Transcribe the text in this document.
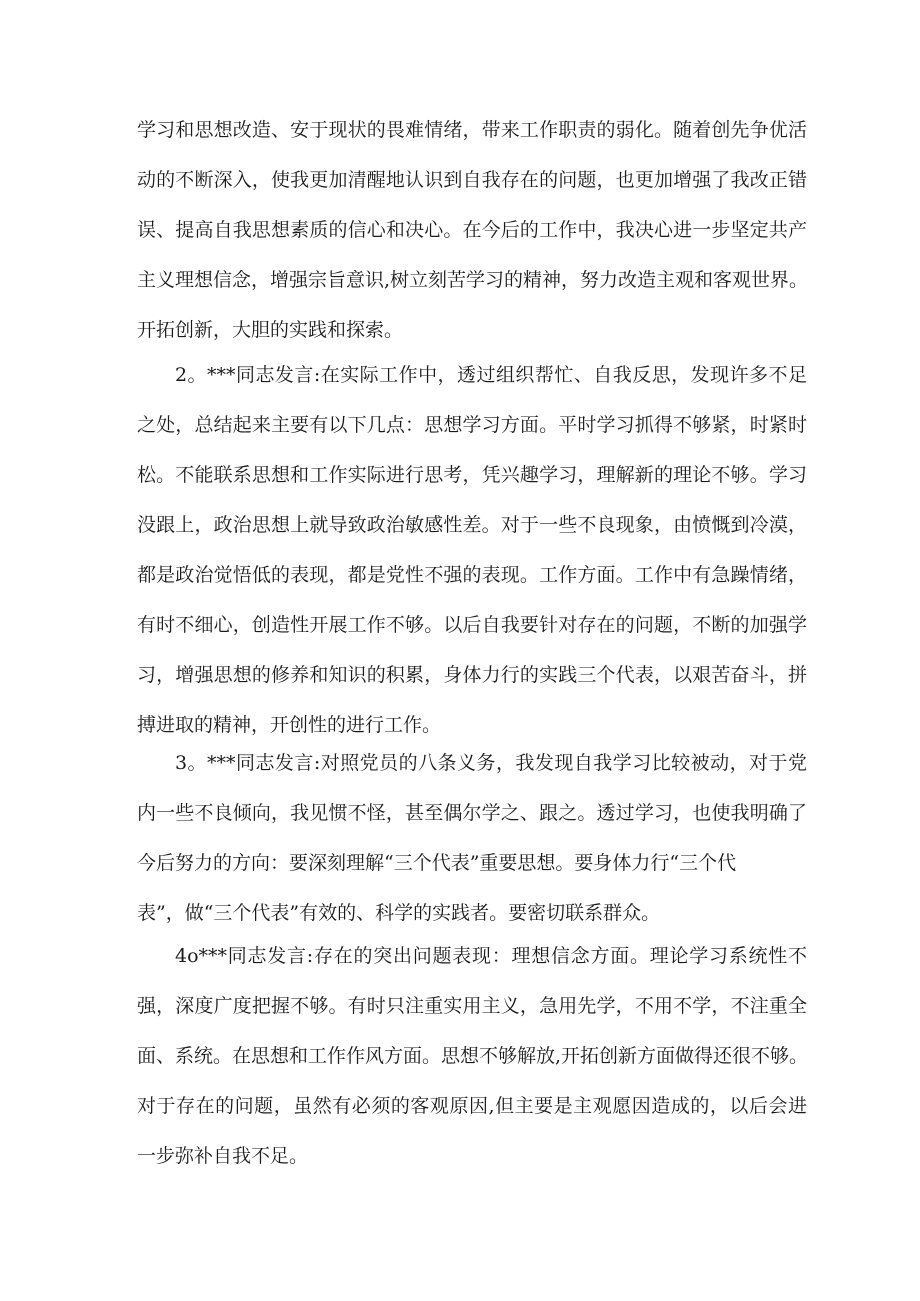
学习和思想改造、安于现状的畏难情绪，带来工作职责的弱化。随着创先争优活
动的不断深入，使我更加清醒地认识到自我存在的问题，也更加增强了我改正错
误、提高自我思想素质的信心和决心。在今后的工作中，我决心进一步坚定共产
主义理想信念，增强宗旨意识,树立刻苦学习的精神，努力改造主观和客观世界。
开拓创新，大胆的实践和探索。
2。***同志发言:在实际工作中，透过组织帮忙、自我反思，发现许多不足
之处，总结起来主要有以下几点：思想学习方面。平时学习抓得不够紧，时紧时
松。不能联系思想和工作实际进行思考，凭兴趣学习，理解新的理论不够。学习
没跟上，政治思想上就导致政治敏感性差。对于一些不良现象，由愤慨到冷漠，
都是政治觉悟低的表现，都是党性不强的表现。工作方面。工作中有急躁情绪，
有时不细心，创造性开展工作不够。以后自我要针对存在的问题，不断的加强学
习，增强思想的修养和知识的积累，身体力行的实践三个代表，以艰苦奋斗，拼
搏进取的精神，开创性的进行工作。
3。***同志发言:对照党员的八条义务，我发现自我学习比较被动，对于党
内一些不良倾向，我见惯不怪，甚至偶尔学之、跟之。透过学习，也使我明确了
今后努力的方向：要深刻理解“三个代表”重要思想。要身体力行“三个代
表”，做“三个代表”有效的、科学的实践者。要密切联系群众。
4o***同志发言:存在的突出问题表现：理想信念方面。理论学习系统性不
强，深度广度把握不够。有时只注重实用主义，急用先学，不用不学，不注重全
面、系统。在思想和工作作风方面。思想不够解放,开拓创新方面做得还很不够。
对于存在的问题，虽然有必须的客观原因,但主要是主观愿因造成的，以后会进
一步弥补自我不足。
